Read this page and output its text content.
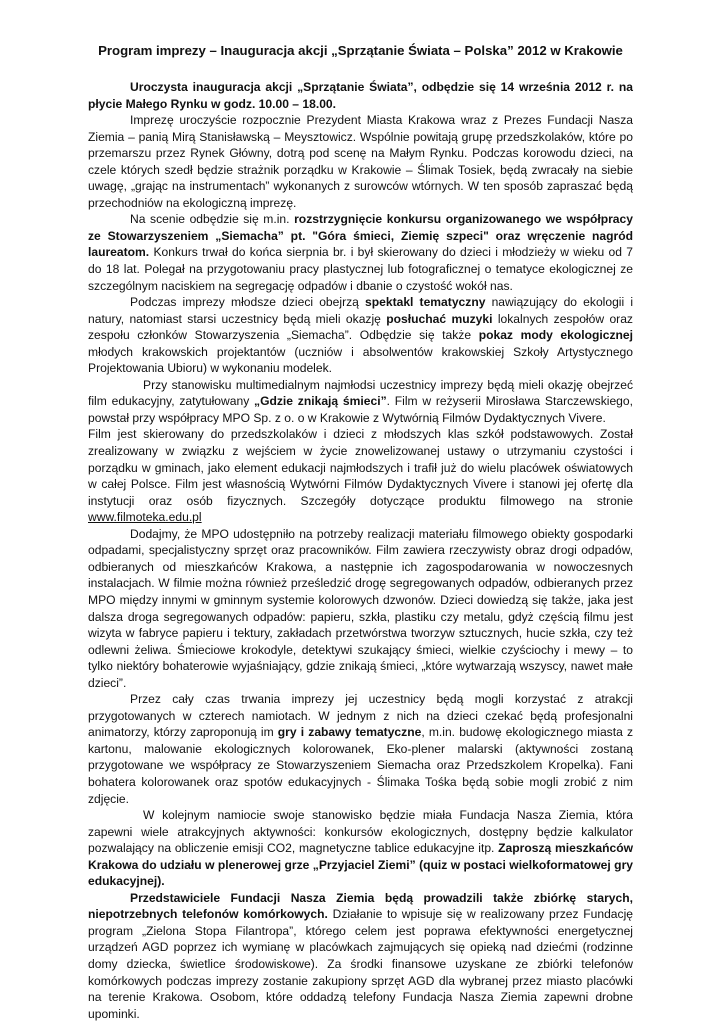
Program imprezy – Inauguracja akcji „Sprzątanie Świata – Polska” 2012 w Krakowie

Uroczysta inauguracja akcji „Sprzątanie Świata”, odbędzie się 14 września 2012 r. na płycie Małego Rynku w godz. 10.00 – 18.00.

Imprezę uroczyście rozpocznie Prezydent Miasta Krakowa wraz z Prezes Fundacji Nasza Ziemia – panią Mirą Stanisławską – Meysztowicz. Wspólnie powitają grupę przedszkolaków, które po przemarszu przez Rynek Główny, dotrą pod scenę na Małym Rynku. Podczas korowodu dzieci, na czele których szedł będzie strażnik porządku w Krakowie – Ślimak Tosiek, będą zwracały na siebie uwagę, „grając na instrumentach” wykonanych z surowców wtórnych. W ten sposób zapraszać będą przechodniów na ekologiczną imprezę.

Na scenie odbędzie się m.in. rozstrzygnięcie konkursu organizowanego we współpracy ze Stowarzyszeniem „Siemacha” pt. "Góra śmieci, Ziemię szpeci" oraz wręczenie nagród laureatom. Konkurs trwał do końca sierpnia br. i był skierowany do dzieci i młodzieży w wieku od 7 do 18 lat. Polegał na przygotowaniu pracy plastycznej lub fotograficznej o tematyce ekologicznej ze szczególnym naciskiem na segregację odpadów i dbanie o czystość wokół nas.

Podczas imprezy młodsze dzieci obejrzą spektakl tematyczny nawiązujący do ekologii i natury, natomiast starsi uczestnicy będą mieli okazję posłuchać muzyki lokalnych zespołów oraz zespołu członków Stowarzyszenia „Siemacha”. Odbędzie się także pokaz mody ekologicznej młodych krakowskich projektantów (uczniów i absolwentów krakowskiej Szkoły Artystycznego Projektowania Ubioru) w wykonaniu modelek.

Przy stanowisku multimedialnym najmłodsi uczestnicy imprezy będą mieli okazję obejrzeć film edukacyjny, zatytułowany „Gdzie znikają śmieci”. Film w reżyserii Mirosława Starczewskiego, powstał przy współpracy MPO Sp. z o. o w Krakowie z Wytwórnią Filmów Dydaktycznych Vivere.

Film jest skierowany do przedszkolaków i dzieci z młodszych klas szkół podstawowych. Został zrealizowany w związku z wejściem w życie znowelizowanej ustawy o utrzymaniu czystości i porządku w gminach, jako element edukacji najmłodszych i trafił już do wielu placówek oświatowych w całej Polsce. Film jest własnością Wytwórni Filmów Dydaktycznych Vivere i stanowi jej ofertę dla instytucji oraz osób fizycznych. Szczegóły dotyczące produktu filmowego na stronie www.filmoteka.edu.pl

Dodajmy, że MPO udostępniło na potrzeby realizacji materiału filmowego obiekty gospodarki odpadami, specjalistyczny sprzęt oraz pracowników. Film zawiera rzeczywisty obraz drogi odpadów, odbieranych od mieszkańców Krakowa, a następnie ich zagospodarowania w nowoczesnych instalacjach. W filmie można również prześledzić drogę segregowanych odpadów, odbieranych przez MPO między innymi w gminnym systemie kolorowych dzwonów. Dzieci dowiedzą się także, jaka jest dalsza droga segregowanych odpadów: papieru, szkła, plastiku czy metalu, gdyż częścią filmu jest wizyta w fabryce papieru i tektury, zakładach przetwórstwa tworzyw sztucznych, hucie szkła, czy też odlewni żeliwa. Śmieciowe krokodyle, detektywi szukający śmieci, wielkie czyściochy i mewy – to tylko niektóry bohaterowie wyjaśniający, gdzie znikają śmieci, „które wytwarzają wszyscy, nawet małe dzieci”.

Przez cały czas trwania imprezy jej uczestnicy będą mogli korzystać z atrakcji przygotowanych w czterech namiotach. W jednym z nich na dzieci czekać będą profesjonalni animatorzy, którzy zaproponują im gry i zabawy tematyczne, m.in. budowę ekologicznego miasta z kartonu, malowanie ekologicznych kolorowanek, Eko-plener malarski (aktywności zostaną przygotowane we współpracy ze Stowarzyszeniem Siemacha oraz Przedszkolem Kropelka). Fani bohatera kolorowanek oraz spotów edukacyjnych - Ślimaka Tośka będą sobie mogli zrobić z nim zdjęcie.

W kolejnym namiocie swoje stanowisko będzie miała Fundacja Nasza Ziemia, która zapewni wiele atrakcyjnych aktywności: konkursów ekologicznych, dostępny będzie kalkulator pozwalający na obliczenie emisji CO2, magnetyczne tablice edukacyjne itp. Zaproszą mieszkańców Krakowa do udziału w plenerowej grze „Przyjaciel Ziemi” (quiz w postaci wielkoformatowej gry edukacyjnej).

Przedstawiciele Fundacji Nasza Ziemia będą prowadzili także zbiórkę starych, niepotrzebnych telefonów komórkowych. Działanie to wpisuje się w realizowany przez Fundację program „Zielona Stopa Filantropa”, którego celem jest poprawa efektywności energetycznej urządzeń AGD poprzez ich wymianę w placówkach zajmujących się opieką nad dziećmi (rodzinne domy dziecka, świetlice środowiskowe). Za środki finansowe uzyskane ze zbiórki telefonów komórkowych podczas imprezy zostanie zakupiony sprzęt AGD dla wybranej przez miasto placówki na terenie Krakowa. Osobom, które oddadzą telefony Fundacja Nasza Ziemia zapewni drobne upominki.
